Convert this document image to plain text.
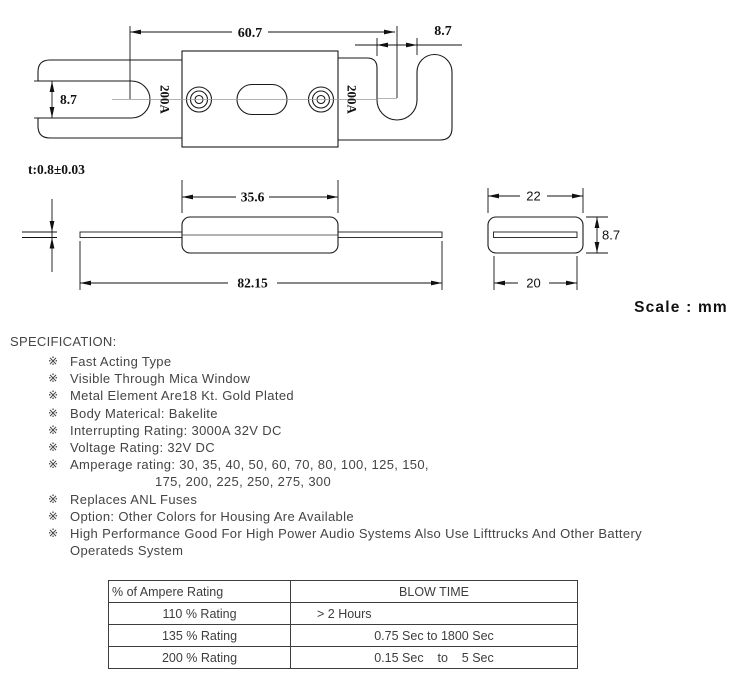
60.7	8.7
8.7	200A	200A
t:0.8±0.03
35.6
82.15
22
8.7
20
Scale : mm
SPECIFICATION:
※ Fast Acting Type
※ Visible Through Mica Window
※ Metal Element Are18 Kt. Gold Plated
※ Body Materical: Bakelite
※ Interrupting Rating: 3000A 32V DC
※ Voltage Rating: 32V DC
※ Amperage rating: 30, 35, 40, 50, 60, 70, 80, 100, 125, 150,
175, 200, 225, 250, 275, 300
※ Replaces ANL Fuses
※ Option: Other Colors for Housing Are Available
※ High Performance Good For High Power Audio Systems Also Use Lifttrucks And Other Battery
Operateds System
% of Ampere Rating	BLOW TIME
110 % Rating	> 2 Hours
135 % Rating	0.75 Sec to 1800 Sec
200 % Rating	0.15 Sec    to    5 Sec
